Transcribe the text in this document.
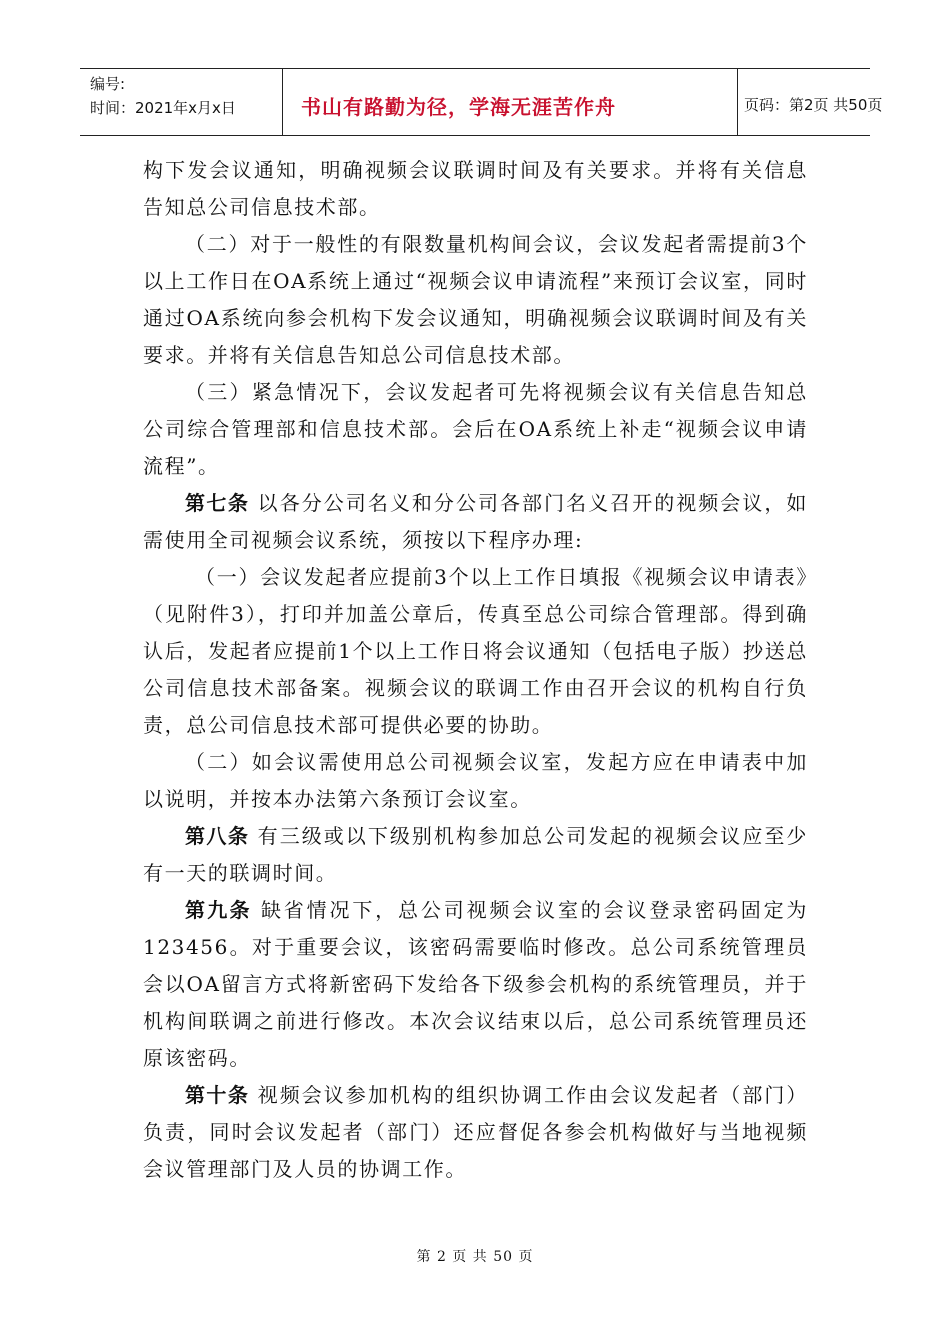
编号:
时间：2021年x月x日	书山有路勤为径，学海无涯苦作舟	页码：第2页 共50页

构下发会议通知，明确视频会议联调时间及有关要求。并将有关信息告知总公司信息技术部。

（二）对于一般性的有限数量机构间会议，会议发起者需提前3个以上工作日在OA系统上通过“视频会议申请流程”来预订会议室，同时通过OA系统向参会机构下发会议通知，明确视频会议联调时间及有关要求。并将有关信息告知总公司信息技术部。

（三）紧急情况下，会议发起者可先将视频会议有关信息告知总公司综合管理部和信息技术部。会后在OA系统上补走“视频会议申请流程”。

第七条 以各分公司名义和分公司各部门名义召开的视频会议，如需使用全司视频会议系统，须按以下程序办理:

（一）会议发起者应提前3个以上工作日填报《视频会议申请表》（见附件3），打印并加盖公章后，传真至总公司综合管理部。得到确认后，发起者应提前1个以上工作日将会议通知（包括电子版）抄送总公司信息技术部备案。视频会议的联调工作由召开会议的机构自行负责，总公司信息技术部可提供必要的协助。

（二）如会议需使用总公司视频会议室，发起方应在申请表中加以说明，并按本办法第六条预订会议室。

第八条 有三级或以下级别机构参加总公司发起的视频会议应至少有一天的联调时间。

第九条 缺省情况下，总公司视频会议室的会议登录密码固定为123456。对于重要会议，该密码需要临时修改。总公司系统管理员会以OA留言方式将新密码下发给各下级参会机构的系统管理员，并于机构间联调之前进行修改。本次会议结束以后，总公司系统管理员还原该密码。

第十条 视频会议参加机构的组织协调工作由会议发起者（部门）负责，同时会议发起者（部门）还应督促各参会机构做好与当地视频会议管理部门及人员的协调工作。

第 2 页 共 50 页
